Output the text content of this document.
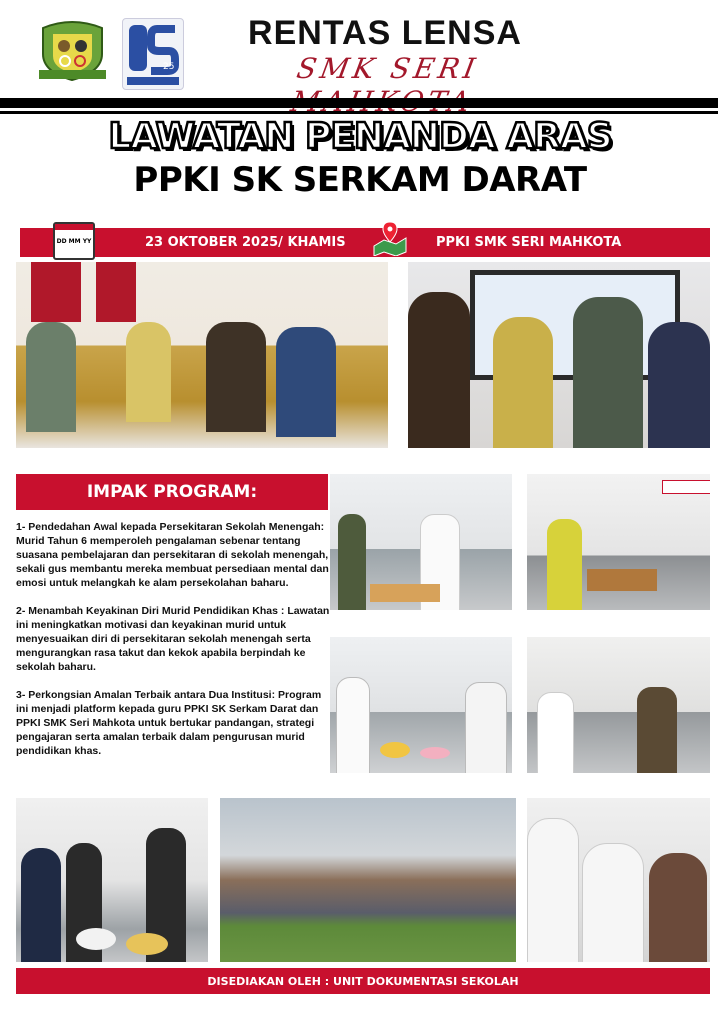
25
RENTAS LENSA
SMK SERI
LAWATAN PENANDA ARAS
PPKI SK SERKAM DARAT
DD MM YY	23 OKTOBER 2025/ KHAMIS	PPKI SMK SERI MAHKOTA
IMPAK PROGRAM:

1- Pendedahan Awal kepada Persekitaran Sekolah Menengah: Murid Tahun 6 memperoleh pengalaman sebenar tentang suasana pembelajaran dan persekitaran di sekolah menengah, sekali gus membantu mereka membuat persediaan mental dan emosi untuk melangkah ke alam persekolahan baharu.

2- Menambah Keyakinan Diri Murid Pendidikan Khas : Lawatan ini meningkatkan motivasi dan keyakinan murid untuk menyesuaikan diri di persekitaran sekolah menengah serta mengurangkan rasa takut dan kekok apabila berpindah ke sekolah baharu.

3- Perkongsian Amalan Terbaik antara Dua Institusi: Program ini menjadi platform kepada guru PPKI SK Serkam Darat dan PPKI SMK Seri Mahkota untuk bertukar pandangan, strategi pengajaran serta amalan terbaik dalam pengurusan murid pendidikan khas.

DISEDIAKAN OLEH : UNIT DOKUMENTASI SEKOLAH
